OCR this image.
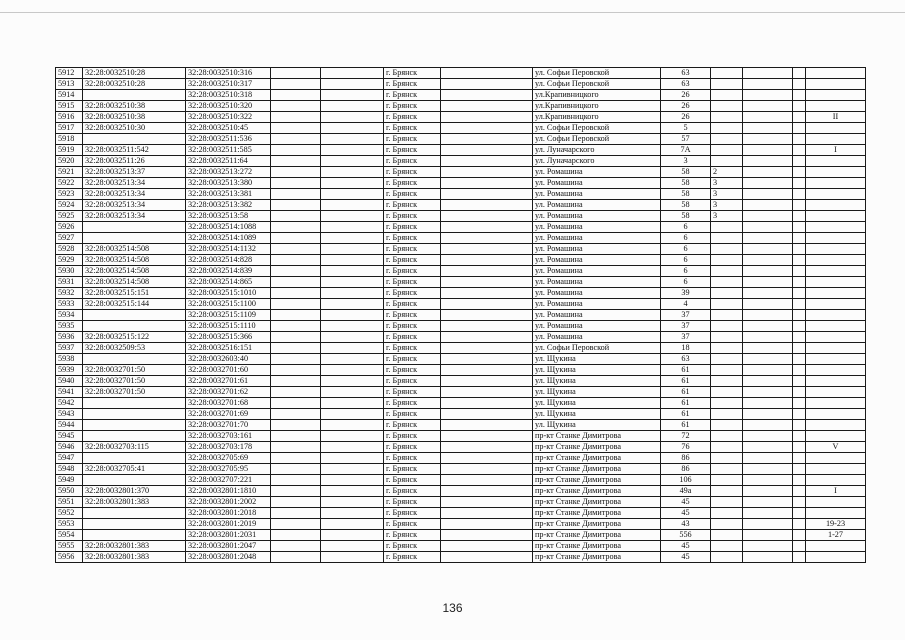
5912	32:28:0032510:28	32:28:0032510:316			г. Брянск		ул. Софьи Перовской	63				
5913	32:28:0032510:28	32:28:0032510:317			г. Брянск		ул. Софьи Перовской	63				
5914		32:28:0032510:318			г. Брянск		ул.Крапивницкого	26				
5915	32:28:0032510:38	32:28:0032510:320			г. Брянск		ул.Крапивницкого	26				
5916	32:28:0032510:38	32:28:0032510:322			г. Брянск		ул.Крапивницкого	26				II
5917	32:28:0032510:30	32:28:0032510:45			г. Брянск		ул. Софьи Перовской	5				
5918		32:28:0032511:536			г. Брянск		ул. Софьи Перовской	57				
5919	32:28:0032511:542	32:28:0032511:585			г. Брянск		ул. Луначарского	7А				I
5920	32:28:0032511:26	32:28:0032511:64			г. Брянск		ул. Луначарского	3				
5921	32:28:0032513:37	32:28:0032513:272			г. Брянск		ул. Ромашина	58	2			
5922	32:28:0032513:34	32:28:0032513:380			г. Брянск		ул. Ромашина	58	3			
5923	32:28:0032513:34	32:28:0032513:381			г. Брянск		ул. Ромашина	58	3			
5924	32:28:0032513:34	32:28:0032513:382			г. Брянск		ул. Ромашина	58	3			
5925	32:28:0032513:34	32:28:0032513:58			г. Брянск		ул. Ромашина	58	3			
5926		32:28:0032514:1088			г. Брянск		ул. Ромашина	6				
5927		32:28:0032514:1089			г. Брянск		ул. Ромашина	6				
5928	32:28:0032514:508	32:28:0032514:1132			г. Брянск		ул. Ромашина	6				
5929	32:28:0032514:508	32:28:0032514:828			г. Брянск		ул. Ромашина	6				
5930	32:28:0032514:508	32:28:0032514:839			г. Брянск		ул. Ромашина	6				
5931	32:28:0032514:508	32:28:0032514:865			г. Брянск		ул. Ромашина	6				
5932	32:28:0032515:151	32:28:0032515:1010			г. Брянск		ул. Ромашина	39				
5933	32:28:0032515:144	32:28:0032515:1100			г. Брянск		ул. Ромашина	4				
5934		32:28:0032515:1109			г. Брянск		ул. Ромашина	37				
5935		32:28:0032515:1110			г. Брянск		ул. Ромашина	37				
5936	32:28:0032515:122	32:28:0032515:366			г. Брянск		ул. Ромашина	37				
5937	32:28:0032509:53	32:28:0032516:151			г. Брянск		ул. Софьи Перовской	18				
5938		32:28:0032603:40			г. Брянск		ул. Щукина	63				
5939	32:28:0032701:50	32:28:0032701:60			г. Брянск		ул. Щукина	61				
5940	32:28:0032701:50	32:28:0032701:61			г. Брянск		ул. Щукина	61				
5941	32:28:0032701:50	32:28:0032701:62			г. Брянск		ул. Щукина	61				
5942		32:28:0032701:68			г. Брянск		ул. Щукина	61				
5943		32:28:0032701:69			г. Брянск		ул. Щукина	61				
5944		32:28:0032701:70			г. Брянск		ул. Щукина	61				
5945		32:28:0032703:161			г. Брянск		пр-кт Станке Димитрова	72				
5946	32:28:0032703:115	32:28:0032703:178			г. Брянск		пр-кт Станке Димитрова	76				V
5947		32:28:0032705:69			г. Брянск		пр-кт Станке Димитрова	86				
5948	32:28:0032705:41	32:28:0032705:95			г. Брянск		пр-кт Станке Димитрова	86				
5949		32:28:0032707:221			г. Брянск		пр-кт Станке Димитрова	106				
5950	32:28:0032801:370	32:28:0032801:1810			г. Брянск		пр-кт Станке Димитрова	49а				I
5951	32:28:0032801:383	32:28:0032801:2002			г. Брянск		пр-кт Станке Димитрова	45				
5952		32:28:0032801:2018			г. Брянск		пр-кт Станке Димитрова	45				
5953		32:28:0032801:2019			г. Брянск		пр-кт Станке Димитрова	43				19-23
5954		32:28:0032801:2031			г. Брянск		пр-кт Станке Димитрова	556				1-27
5955	32:28:0032801:383	32:28:0032801:2047			г. Брянск		пр-кт Станке Димитрова	45				
5956	32:28:0032801:383	32:28:0032801:2048			г. Брянск		пр-кт Станке Димитрова	45				
136
